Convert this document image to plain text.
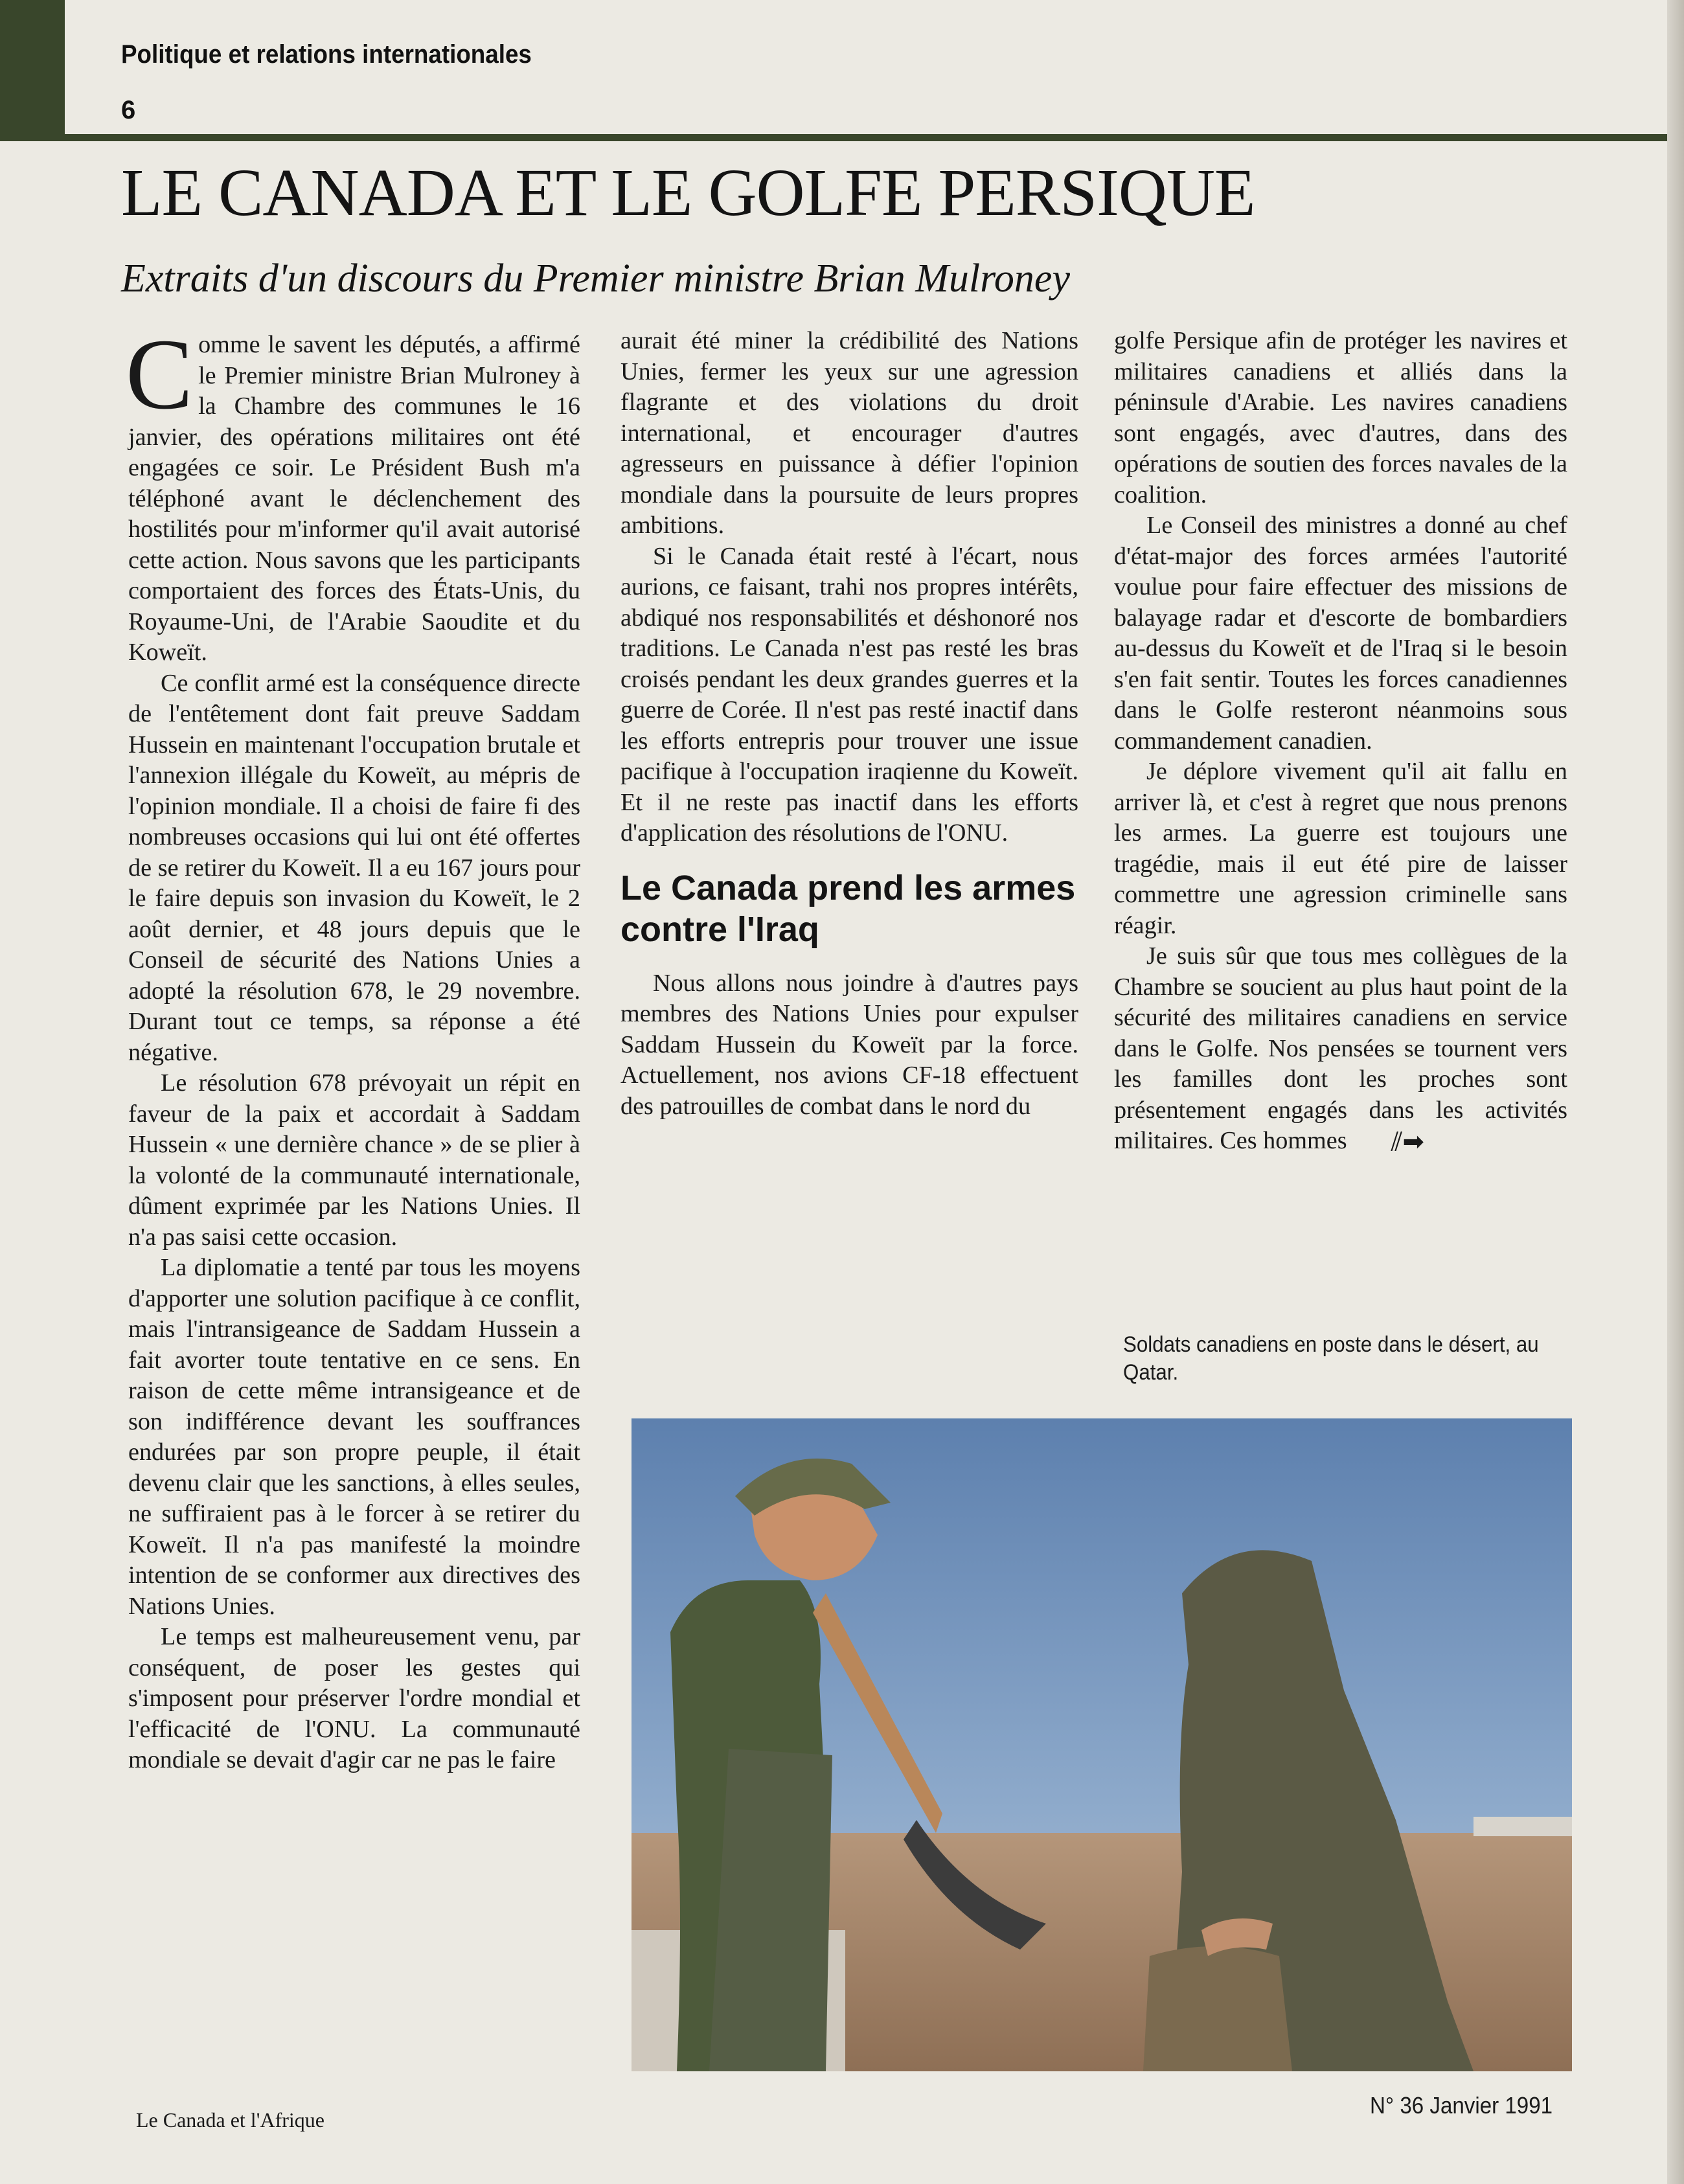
Politique et relations internationales
6
LE CANADA ET LE GOLFE PERSIQUE
Extraits d'un discours du Premier ministre Brian Mulroney

Comme le savent les députés, a affirmé le Premier ministre Brian Mulroney à la Chambre des communes le 16 janvier, des opérations militaires ont été engagées ce soir. Le Président Bush m'a téléphoné avant le déclenchement des hostilités pour m'informer qu'il avait autorisé cette action. Nous savons que les participants comportaient des forces des États-Unis, du Royaume-Uni, de l'Arabie Saoudite et du Koweït.

Ce conflit armé est la conséquence directe de l'entêtement dont fait preuve Saddam Hussein en maintenant l'occupation brutale et l'annexion illégale du Koweït, au mépris de l'opinion mondiale. Il a choisi de faire fi des nombreuses occasions qui lui ont été offertes de se retirer du Koweït. Il a eu 167 jours pour le faire depuis son invasion du Koweït, le 2 août dernier, et 48 jours depuis que le Conseil de sécurité des Nations Unies a adopté la résolution 678, le 29 novembre. Durant tout ce temps, sa réponse a été négative.

Le résolution 678 prévoyait un répit en faveur de la paix et accordait à Saddam Hussein « une dernière chance » de se plier à la volonté de la communauté internationale, dûment exprimée par les Nations Unies. Il n'a pas saisi cette occasion.

La diplomatie a tenté par tous les moyens d'apporter une solution pacifique à ce conflit, mais l'intransigeance de Saddam Hussein a fait avorter toute tentative en ce sens. En raison de cette même intransigeance et de son indifférence devant les souffrances endurées par son propre peuple, il était devenu clair que les sanctions, à elles seules, ne suffiraient pas à le forcer à se retirer du Koweït. Il n'a pas manifesté la moindre intention de se conformer aux directives des Nations Unies.

Le temps est malheureusement venu, par conséquent, de poser les gestes qui s'imposent pour préserver l'ordre mondial et l'efficacité de l'ONU. La communauté mondiale se devait d'agir car ne pas le faire

aurait été miner la crédibilité des Nations Unies, fermer les yeux sur une agression flagrante et des violations du droit international, et encourager d'autres agresseurs en puissance à défier l'opinion mondiale dans la poursuite de leurs propres ambitions.

Si le Canada était resté à l'écart, nous aurions, ce faisant, trahi nos propres intérêts, abdiqué nos responsabilités et déshonoré nos traditions. Le Canada n'est pas resté les bras croisés pendant les deux grandes guerres et la guerre de Corée. Il n'est pas resté inactif dans les efforts entrepris pour trouver une issue pacifique à l'occupation iraqienne du Koweït. Et il ne reste pas inactif dans les efforts d'application des résolutions de l'ONU.

Le Canada prend les armes contre l'Iraq

Nous allons nous joindre à d'autres pays membres des Nations Unies pour expulser Saddam Hussein du Koweït par la force. Actuellement, nos avions CF-18 effectuent des patrouilles de combat dans le nord du

golfe Persique afin de protéger les navires et militaires canadiens et alliés dans la péninsule d'Arabie. Les navires canadiens sont engagés, avec d'autres, dans des opérations de soutien des forces navales de la coalition.

Le Conseil des ministres a donné au chef d'état-major des forces armées l'autorité voulue pour faire effectuer des missions de balayage radar et d'escorte de bombardiers au-dessus du Koweït et de l'Iraq si le besoin s'en fait sentir. Toutes les forces canadiennes dans le Golfe resteront néanmoins sous commandement canadien.

Je déplore vivement qu'il ait fallu en arriver là, et c'est à regret que nous prenons les armes. La guerre est toujours une tragédie, mais il eut été pire de laisser commettre une agression criminelle sans réagir.

Je suis sûr que tous mes collègues de la Chambre se soucient au plus haut point de la sécurité des militaires canadiens en service dans le Golfe. Nos pensées se tournent vers les familles dont les proches sont présentement engagés dans les activités militaires. Ces hommes ⫽➡

Soldats canadiens en poste dans le désert, au Qatar.
Le Canada et l'Afrique
N° 36 Janvier 1991
